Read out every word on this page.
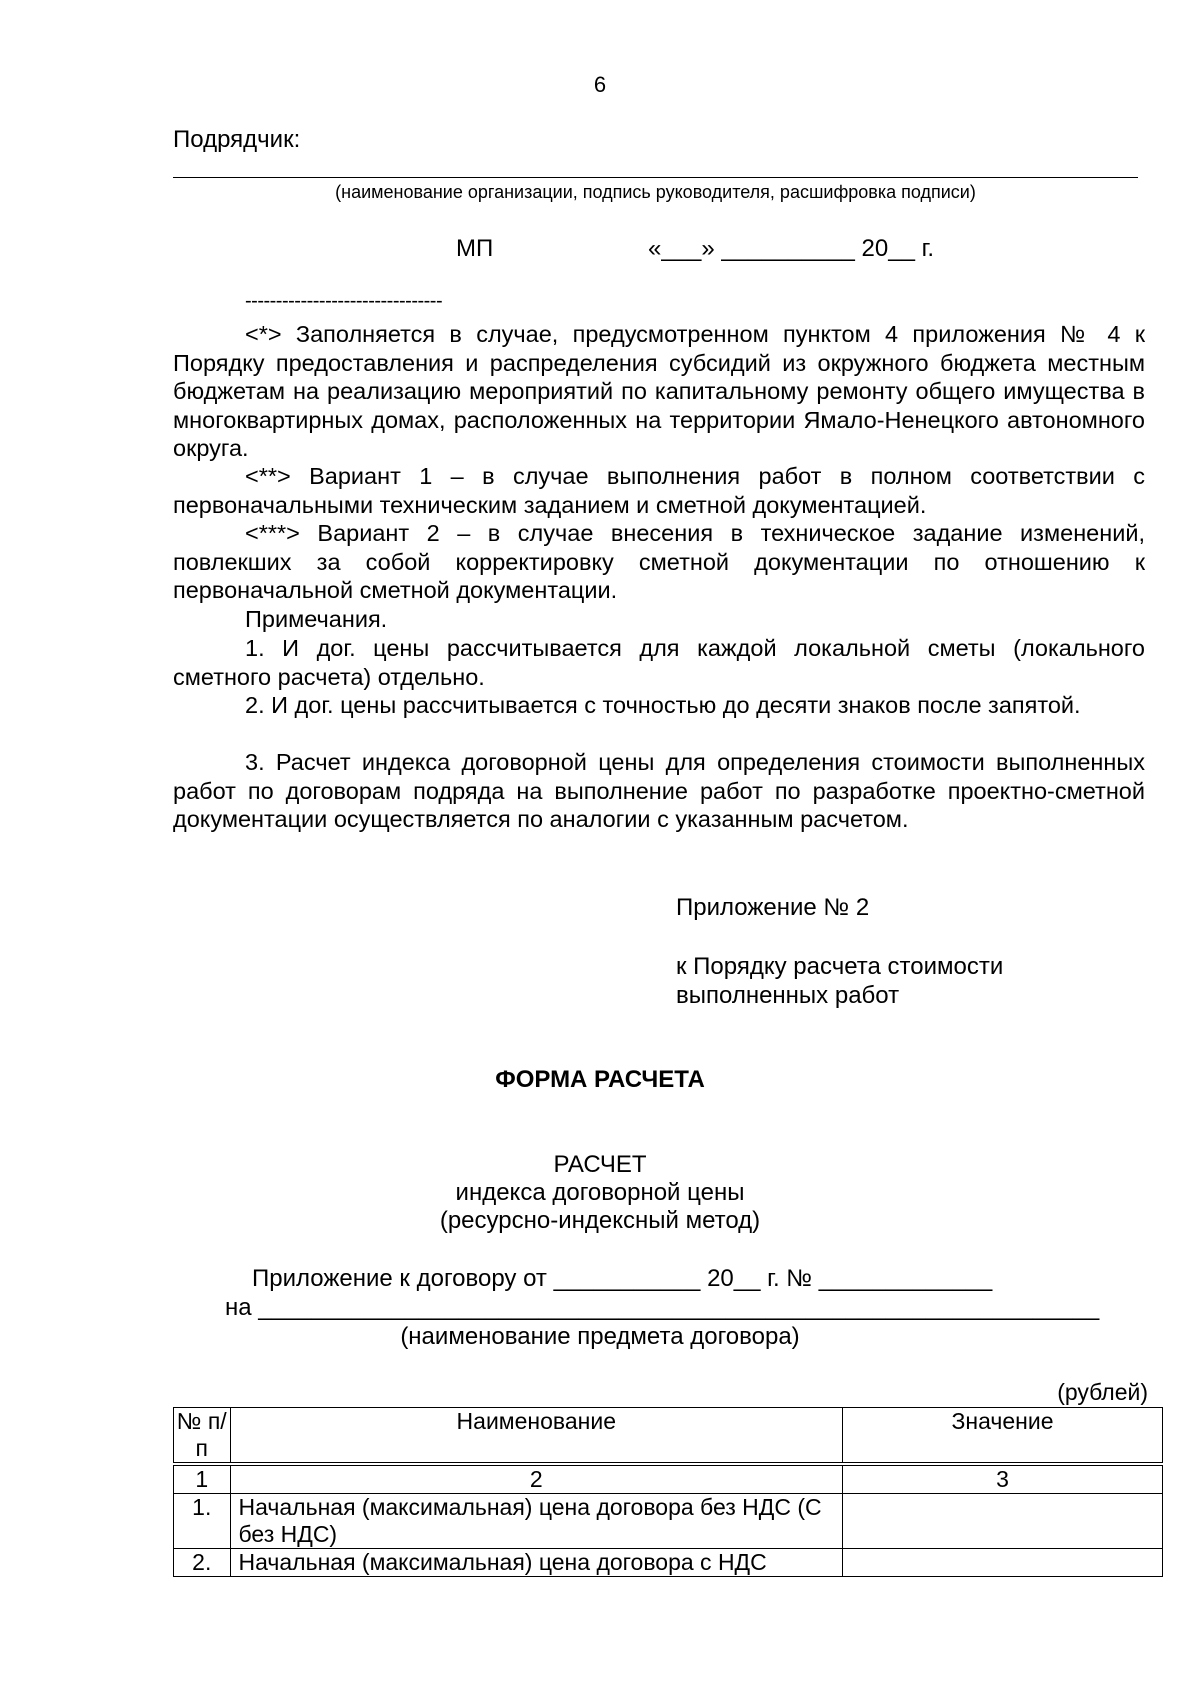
6
Подрядчик:
(наименование организации, подпись руководителя, расшифровка подписи)
МП	«___» __________ 20__ г.
--------------------------------

<*> Заполняется в случае, предусмотренном пунктом 4 приложения № 4 к Порядку предоставления и распределения субсидий из окружного бюджета местным бюджетам на реализацию мероприятий по капитальному ремонту общего имущества в многоквартирных домах, расположенных на территории Ямало-Ненецкого автономного округа.

<**> Вариант 1 – в случае выполнения работ в полном соответствии с первоначальными техническим заданием и сметной документацией.

<***> Вариант 2 – в случае внесения в техническое задание изменений, повлекших за собой корректировку сметной документации по отношению к первоначальной сметной документации.

Примечания.

1. И дог. цены рассчитывается для каждой локальной сметы (локального сметного расчета) отдельно.

2. И дог. цены рассчитывается с точностью до десяти знаков после запятой.

3. Расчет индекса договорной цены для определения стоимости выполненных работ по договорам подряда на выполнение работ по разработке проектно-сметной документации осуществляется по аналогии с указанным расчетом.

Приложение № 2
к Порядку расчета стоимости
выполненных работ
ФОРМА РАСЧЕТА
РАСЧЕТ
индекса договорной цены
(ресурсно-индексный метод)
Приложение к договору от ___________ 20__ г. № _____________
на _______________________________________________________________
(наименование предмета договора)
(рублей)
№ п/п	Наименование	Значение
1	2	3
1.	Начальная (максимальная) цена договора без НДС (С без НДС)	
2.	Начальная (максимальная) цена договора с НДС	
